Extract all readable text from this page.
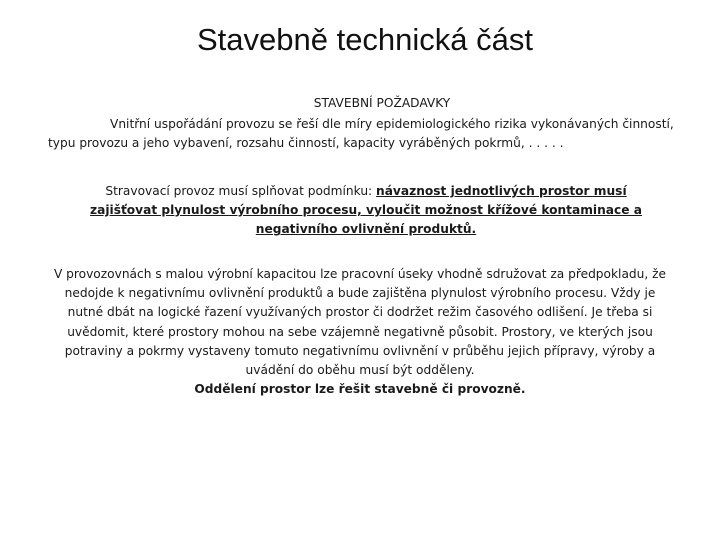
Stavebně technická část
STAVEBNÍ POŽADAVKY
Vnitřní uspořádání provozu se řeší dle míry epidemiologického rizika vykonávaných činností, typu provozu a jeho vybavení, rozsahu činností, kapacity vyráběných pokrmů, . . . . .
Stravovací provoz musí splňovat podmínku: návaznost jednotlivých prostor musí zajišťovat plynulost výrobního procesu, vyloučit možnost křížové kontaminace a negativního ovlivnění produktů.
V provozovnách s malou výrobní kapacitou lze pracovní úseky vhodně sdružovat za předpokladu, že nedojde k negativnímu ovlivnění produktů a bude zajištěna plynulost výrobního procesu. Vždy je nutné dbát na logické řazení využívaných prostor či dodržet režim časového odlišení. Je třeba si uvědomit, které prostory mohou na sebe vzájemně negativně působit. Prostory, ve kterých jsou potraviny a pokrmy vystaveny tomuto negativnímu ovlivnění v průběhu jejich přípravy, výroby a uvádění do oběhu musí být odděleny.
Oddělení prostor lze řešit stavebně či provozně.
